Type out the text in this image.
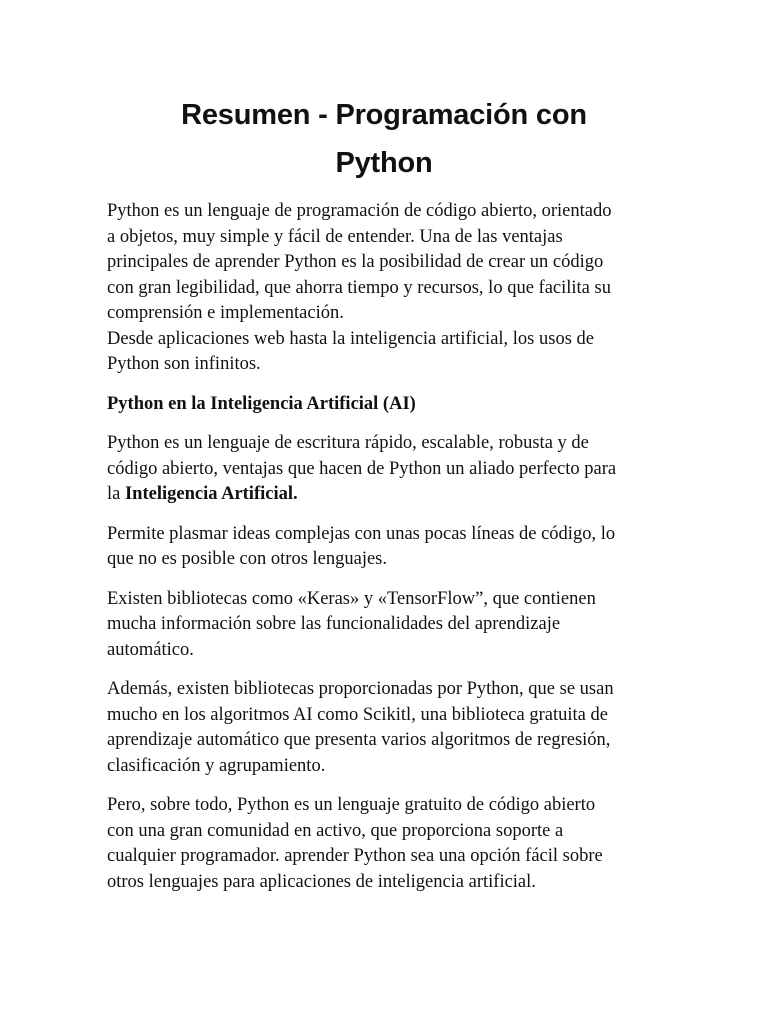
Resumen - Programación con
Python

Python es un lenguaje de programación de código abierto, orientado
a objetos, muy simple y fácil de entender. Una de las ventajas
principales de aprender Python es la posibilidad de crear un código
con gran legibilidad, que ahorra tiempo y recursos, lo que facilita su
comprensión e implementación.

Desde aplicaciones web hasta la inteligencia artificial, los usos de
Python son infinitos.

Python en la Inteligencia Artificial (AI)

Python es un lenguaje de escritura rápido, escalable, robusta y de
código abierto, ventajas que hacen de Python un aliado perfecto para
la Inteligencia Artificial.

Permite plasmar ideas complejas con unas pocas líneas de código, lo
que no es posible con otros lenguajes.

Existen bibliotecas como «Keras» y «TensorFlow”, que contienen
mucha información sobre las funcionalidades del aprendizaje
automático.

Además, existen bibliotecas proporcionadas por Python, que se usan
mucho en los algoritmos AI como Scikitl, una biblioteca gratuita de
aprendizaje automático que presenta varios algoritmos de regresión,
clasificación y agrupamiento.

Pero, sobre todo, Python es un lenguaje gratuito de código abierto
con una gran comunidad en activo, que proporciona soporte a
cualquier programador. aprender Python sea una opción fácil sobre
otros lenguajes para aplicaciones de inteligencia artificial.
